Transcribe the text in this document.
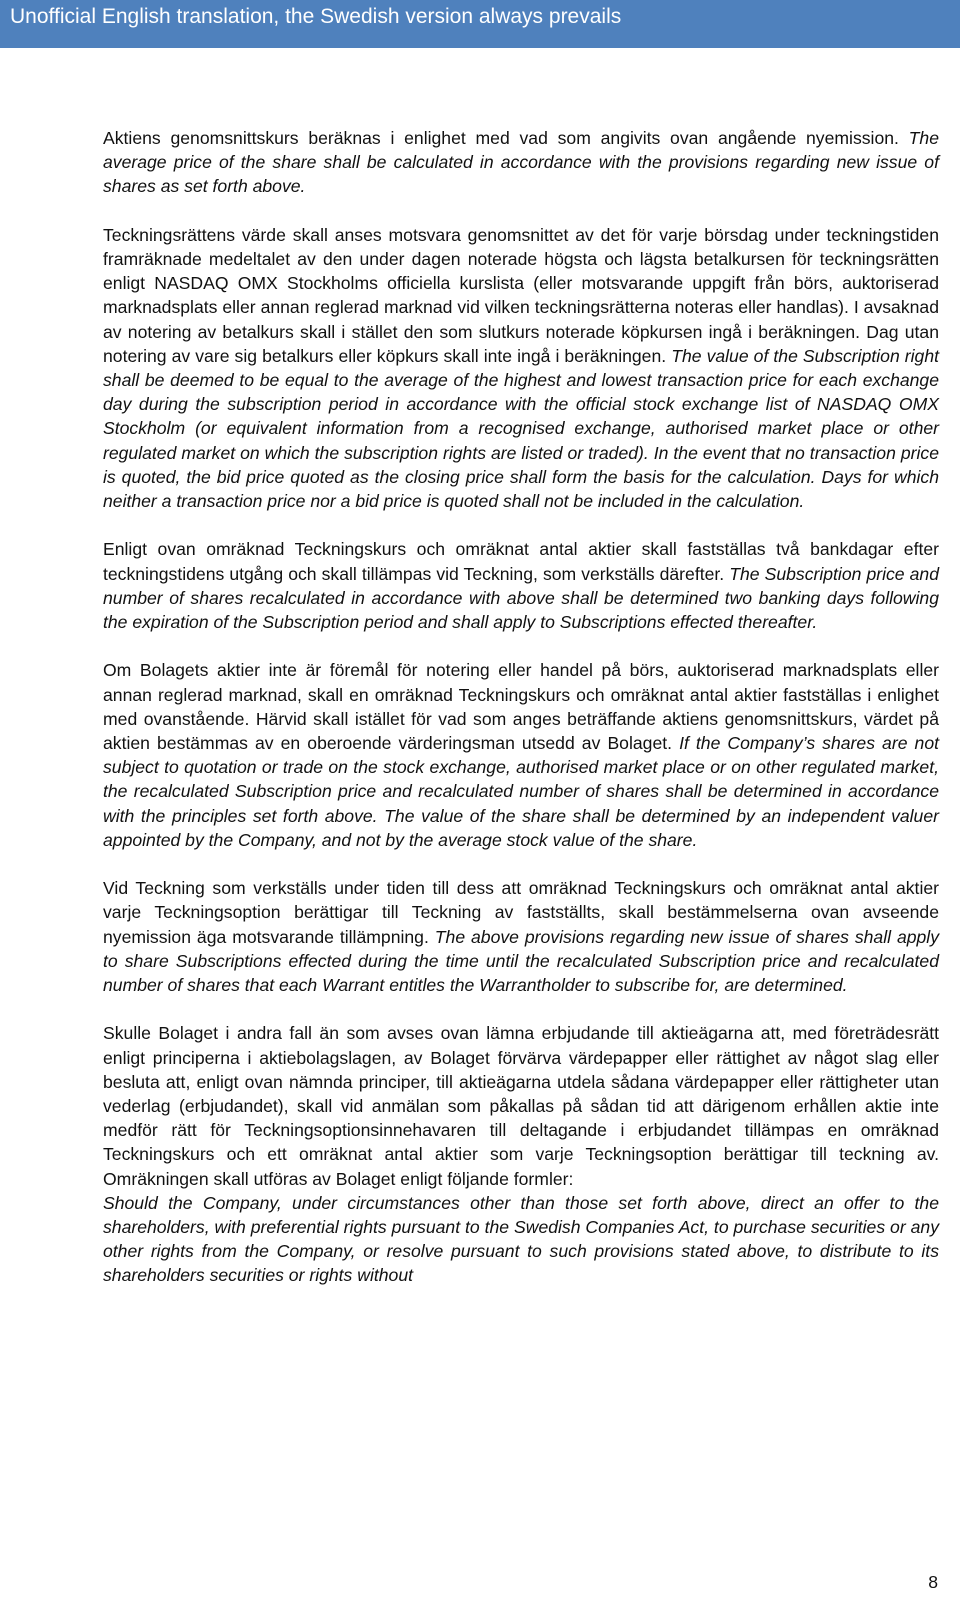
Unofficial English translation, the Swedish version always prevails

Aktiens genomsnittskurs beräknas i enlighet med vad som angivits ovan angående nyemission. The average price of the share shall be calculated in accordance with the provisions regarding new issue of shares as set forth above.

Teckningsrättens värde skall anses motsvara genomsnittet av det för varje börsdag under teckningstiden framräknade medeltalet av den under dagen noterade högsta och lägsta betalkursen för teckningsrätten enligt NASDAQ OMX Stockholms officiella kurslista (eller motsvarande uppgift från börs, auktoriserad marknadsplats eller annan reglerad marknad vid vilken teckningsrätterna noteras eller handlas). I avsaknad av notering av betalkurs skall i stället den som slutkurs noterade köpkursen ingå i beräkningen. Dag utan notering av vare sig betalkurs eller köpkurs skall inte ingå i beräkningen. The value of the Subscription right shall be deemed to be equal to the average of the highest and lowest transaction price for each exchange day during the subscription period in accordance with the official stock exchange list of NASDAQ OMX Stockholm (or equivalent information from a recognised exchange, authorised market place or other regulated market on which the subscription rights are listed or traded). In the event that no transaction price is quoted, the bid price quoted as the closing price shall form the basis for the calculation. Days for which neither a transaction price nor a bid price is quoted shall not be included in the calculation.

Enligt ovan omräknad Teckningskurs och omräknat antal aktier skall fastställas två bankdagar efter teckningstidens utgång och skall tillämpas vid Teckning, som verkställs därefter. The Subscription price and number of shares recalculated in accordance with above shall be determined two banking days following the expiration of the Subscription period and shall apply to Subscriptions effected thereafter.

Om Bolagets aktier inte är föremål för notering eller handel på börs, auktoriserad marknadsplats eller annan reglerad marknad, skall en omräknad Teckningskurs och omräknat antal aktier fastställas i enlighet med ovanstående. Härvid skall istället för vad som anges beträffande aktiens genomsnittskurs, värdet på aktien bestämmas av en oberoende värderingsman utsedd av Bolaget. If the Company’s shares are not subject to quotation or trade on the stock exchange, authorised market place or on other regulated market, the recalculated Subscription price and recalculated number of shares shall be determined in accordance with the principles set forth above. The value of the share shall be determined by an independent valuer appointed by the Company, and not by the average stock value of the share.

Vid Teckning som verkställs under tiden till dess att omräknad Teckningskurs och omräknat antal aktier varje Teckningsoption berättigar till Teckning av fastställts, skall bestämmelserna ovan avseende nyemission äga motsvarande tillämpning. The above provisions regarding new issue of shares shall apply to share Subscriptions effected during the time until the recalculated Subscription price and recalculated number of shares that each Warrant entitles the Warrantholder to subscribe for, are determined.

Skulle Bolaget i andra fall än som avses ovan lämna erbjudande till aktieägarna att, med företrädesrätt enligt principerna i aktiebolagslagen, av Bolaget förvärva värdepapper eller rättighet av något slag eller besluta att, enligt ovan nämnda principer, till aktieägarna utdela sådana värdepapper eller rättigheter utan vederlag (erbjudandet), skall vid anmälan som påkallas på sådan tid att därigenom erhållen aktie inte medför rätt för Teckningsoptionsinnehavaren till deltagande i erbjudandet tillämpas en omräknad Teckningskurs och ett omräknat antal aktier som varje Teckningsoption berättigar till teckning av. Omräkningen skall utföras av Bolaget enligt följande formler:
Should the Company, under circumstances other than those set forth above, direct an offer to the shareholders, with preferential rights pursuant to the Swedish Companies Act, to purchase securities or any other rights from the Company, or resolve pursuant to such provisions stated above, to distribute to its shareholders securities or rights without

8
